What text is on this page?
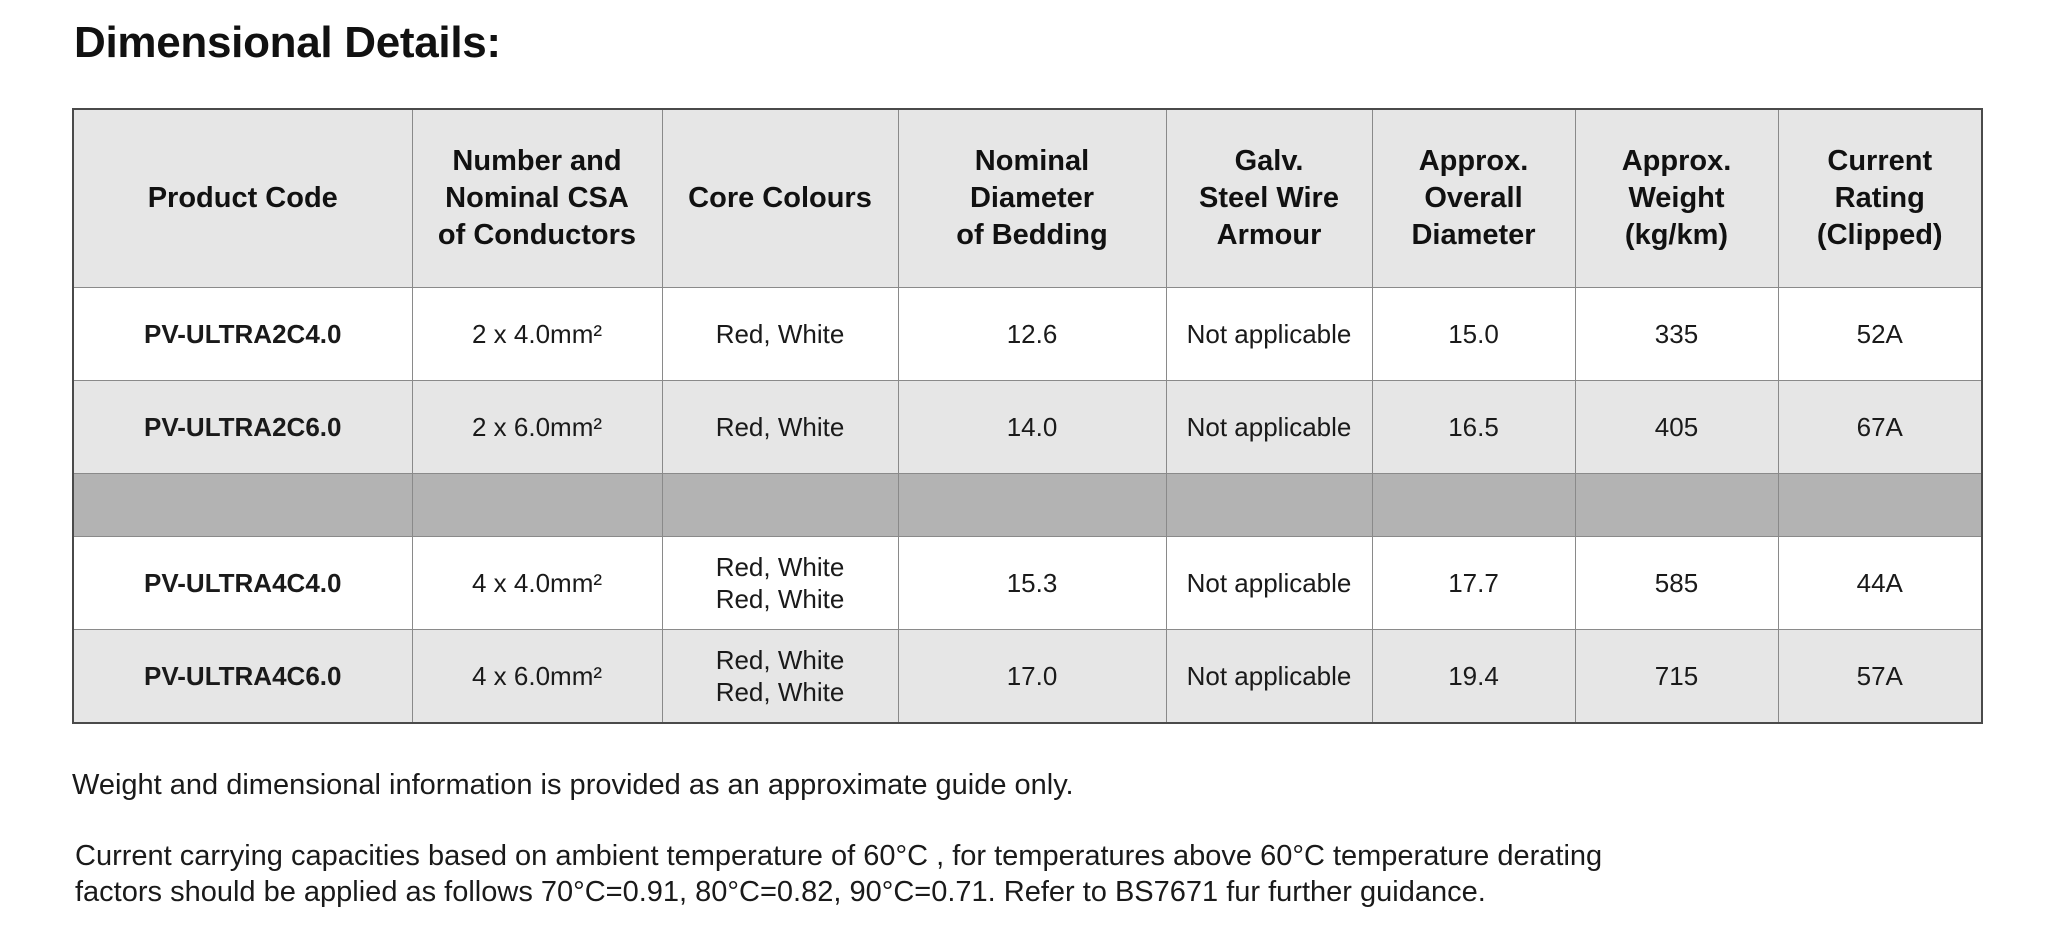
Dimensional Details:
Product Code	Number and
Nominal CSA
of Conductors	Core Colours	Nominal
Diameter
of Bedding	Galv.
Steel Wire
Armour	Approx.
Overall
Diameter	Approx.
Weight
(kg/km)	Current
Rating
(Clipped)

PV-ULTRA2C4.0	2 x 4.0mm²	Red, White	12.6	Not applicable	15.0	335	52A
PV-ULTRA2C6.0	2 x 6.0mm²	Red, White	14.0	Not applicable	16.5	405	67A

PV-ULTRA4C4.0	4 x 4.0mm²	Red, White
Red, White	15.3	Not applicable	17.7	585	44A
PV-ULTRA4C6.0	4 x 6.0mm²	Red, White
Red, White	17.0	Not applicable	19.4	715	57A

Weight and dimensional information is provided as an approximate guide only.

Current carrying capacities based on ambient temperature of 60°C , for temperatures above 60°C temperature derating
factors should be applied as follows 70°C=0.91, 80°C=0.82, 90°C=0.71. Refer to BS7671 fur further guidance.
